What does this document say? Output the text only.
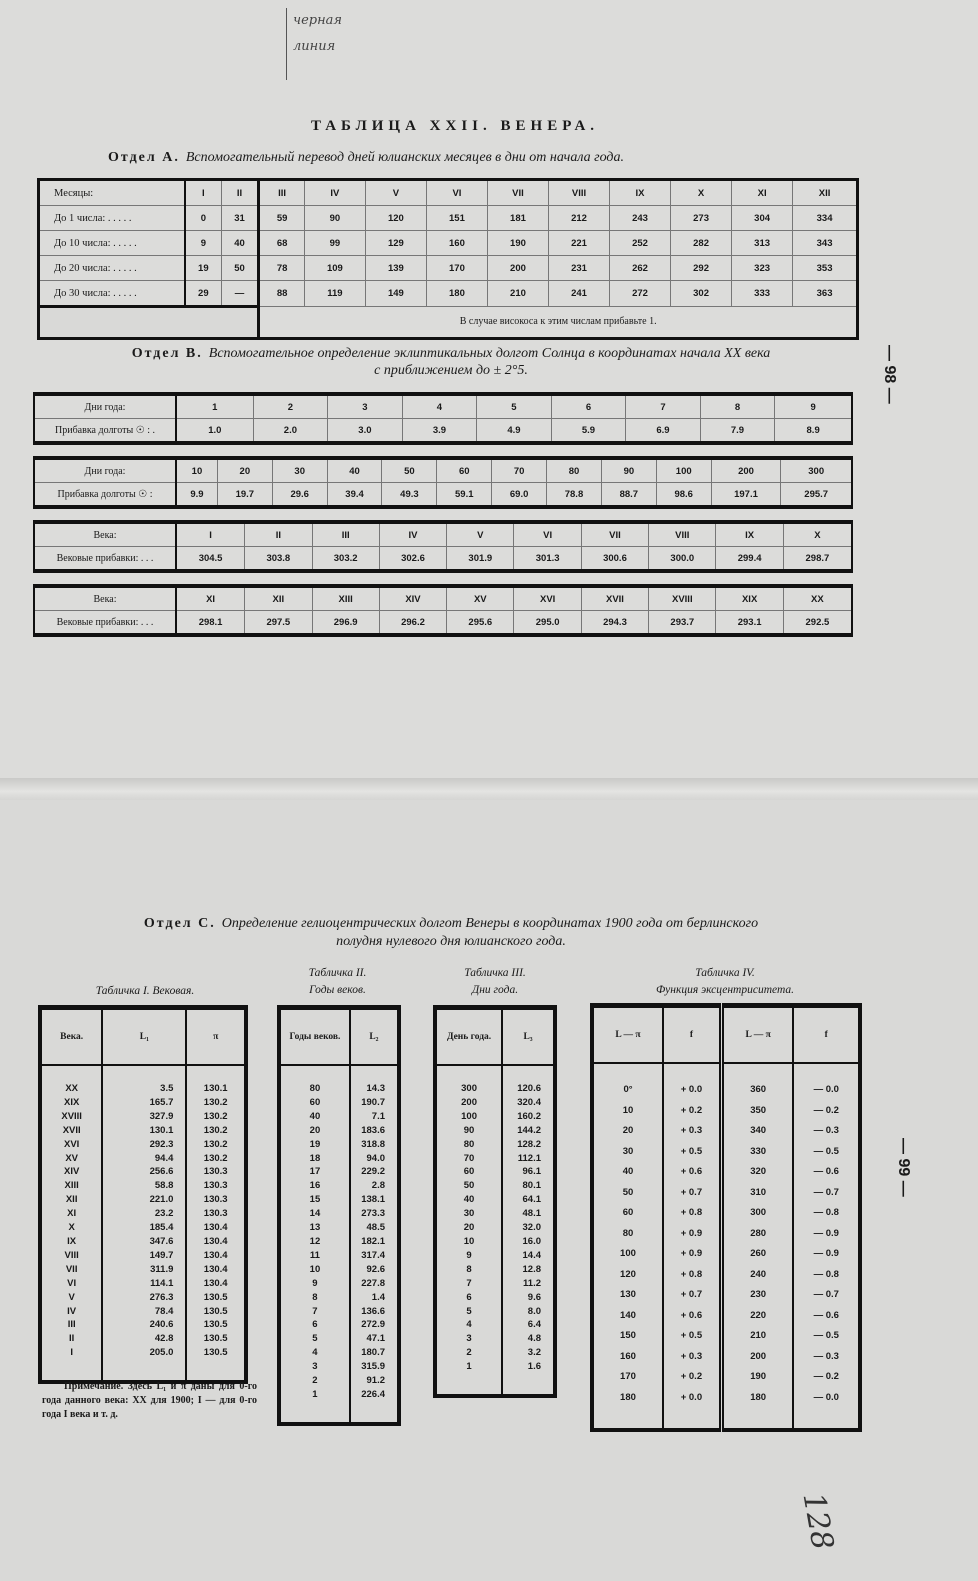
черная
линия
ТАБЛИЦА XXII. ВЕНЕРА.
Отдел А. Вспомогательный перевод дней юлианских месяцев в дни от начала года.
Месяцы:	I	II	III	IV	V	VI	VII	VIII	IX	X	XI	XII
До 1 числа: . . . . .	0	31	59	90	120	151	181	212	243	273	304	334
До 10 числа: . . . . .	9	40	68	99	129	160	190	221	252	282	313	343
До 20 числа: . . . . .	19	50	78	109	139	170	200	231	262	292	323	353
До 30 числа: . . . . .	29	—	88	119	149	180	210	241	272	302	333	363
			В случае високоса к этим числам прибавьте 1.									
Отдел В. Вспомогательное определение эклиптикальных долгот Солнца в координатах начала XX века
с приближением до ± 2°5.	— 98 —
Дни года:	1	2	3	4	5	6	7	8	9
Прибавка долготы ☉ : .	1.0	2.0	3.0	3.9	4.9	5.9	6.9	7.9	8.9
Дни года:	10	20	30	40	50	60	70	80	90	100	200	300
Прибавка долготы ☉ :	9.9	19.7	29.6	39.4	49.3	59.1	69.0	78.8	88.7	98.6	197.1	295.7
Века:	I	II	III	IV	V	VI	VII	VIII	IX	X
Вековые прибавки: . . .	304.5	303.8	303.2	302.6	301.9	301.3	300.6	300.0	299.4	298.7
Века:	XI	XII	XIII	XIV	XV	XVI	XVII	XVIII	XIX	XX
Вековые прибавки: . . .	298.1	297.5	296.9	296.2	295.6	295.0	294.3	293.7	293.1	292.5
Отдел С. Определение гелиоцентрических долгот Венеры в координатах 1900 года от берлинского
полудня нулевого дня юлианского года.
— 99 —
Табличка I. Вековая.
Табличка II.
Годы веков.
Табличка III.
Дни года.
Табличка IV.
Функция эксцентриситета.
Века.	L₁	π

XX	3.5	130.1
XIX	165.7	130.2
XVIII	327.9	130.2
XVII	130.1	130.2
XVI	292.3	130.2
XV	94.4	130.2
XIV	256.6	130.3
XIII	58.8	130.3
XII	221.0	130.3
XI	23.2	130.3
X	185.4	130.4
IX	347.6	130.4
VIII	149.7	130.4
VII	311.9	130.4
VI	114.1	130.4
V	276.3	130.5
IV	78.4	130.5
III	240.6	130.5
II	42.8	130.5
I	205.0	130.5

Годы веков.	L₂

80	14.3
60	190.7
40	7.1
20	183.6
19	318.8
18	94.0
17	229.2
16	2.8
15	138.1
14	273.3
13	48.5
12	182.1
11	317.4
10	92.6
9	227.8
8	1.4
7	136.6
6	272.9
5	47.1
4	180.7
3	315.9
2	91.2
1	226.4

День года.	L₃

300	120.6
200	320.4
100	160.2
90	144.2
80	128.2
70	112.1
60	96.1
50	80.1
40	64.1
30	48.1
20	32.0
10	16.0
9	14.4
8	12.8
7	11.2
6	9.6
5	8.0
4	6.4
3	4.8
2	3.2
1	1.6

L — π	f	L — π	f

0°	+ 0.0	360	— 0.0
10	+ 0.2	350	— 0.2
20	+ 0.3	340	— 0.3
30	+ 0.5	330	— 0.5
40	+ 0.6	320	— 0.6
50	+ 0.7	310	— 0.7
60	+ 0.8	300	— 0.8
80	+ 0.9	280	— 0.9
100	+ 0.9	260	— 0.9
120	+ 0.8	240	— 0.8
130	+ 0.7	230	— 0.7
140	+ 0.6	220	— 0.6
150	+ 0.5	210	— 0.5
160	+ 0.3	200	— 0.3
170	+ 0.2	190	— 0.2
180	+ 0.0	180	— 0.0

Примечание. Здесь L₁ и π даны для 0-го года данного века: XX для 1900; I — для 0-го года I века и т. д.
128
